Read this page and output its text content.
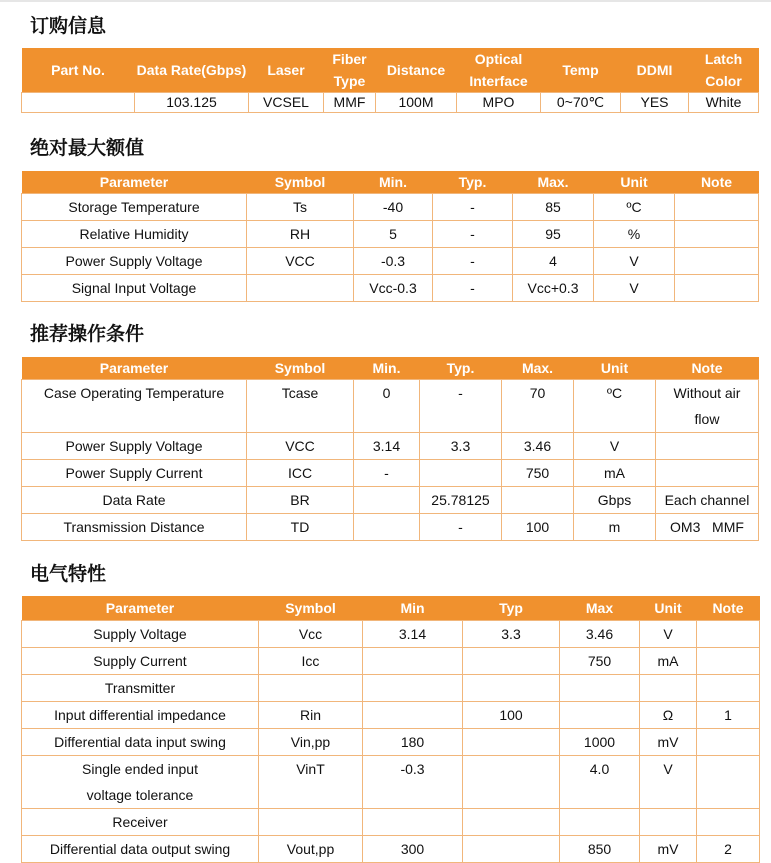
订购信息
Part No.	Data Rate(Gbps)	Laser	Fiber Type	Distance	Optical Interface	Temp	DDMI	Latch Color
	103.125	VCSEL	MMF	100M	MPO	0~70℃	YES	White
绝对最大额值
Parameter	Symbol	Min.	Typ.	Max.	Unit	Note
Storage Temperature	Ts	-40	-	85	ºC	
Relative Humidity	RH	5	-	95	%	
Power Supply Voltage	VCC	-0.3	-	4	V	
Signal Input Voltage		Vcc-0.3	-	Vcc+0.3	V	
推荐操作条件
Parameter	Symbol	Min.	Typ.	Max.	Unit	Note
Case Operating Temperature	Tcase	0	-	70	ºC	Without air flow
Power Supply Voltage	VCC	3.14	3.3	3.46	V	
Power Supply Current	ICC	-		750	mA	
Data Rate	BR		25.78125		Gbps	Each channel
Transmission Distance	TD		-	100	m	OM3   MMF
电气特性
Parameter	Symbol	Min	Typ	Max	Unit	Note
Supply Voltage	Vcc	3.14	3.3	3.46	V	
Supply Current	Icc			750	mA	
Transmitter						
Input differential impedance	Rin		100		Ω	1
Differential data input swing	Vin,pp	180		1000	mV	
Single ended input voltage tolerance	VinT	-0.3		4.0	V	
Receiver						
Differential data output swing	Vout,pp	300		850	mV	2
